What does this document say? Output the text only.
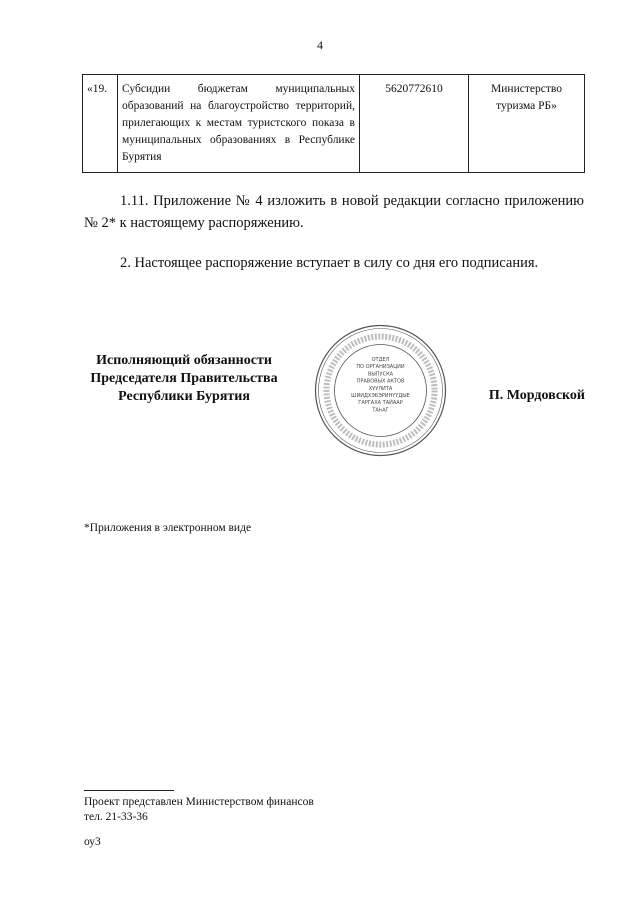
4
«19.	Субсидии бюджетам муниципальных образований на благоустройство территорий, прилегающих к местам туристского показа в муниципальных образованиях в Республике Бурятия	5620772610	Министерство туризма РБ»
1.11. Приложение № 4 изложить в новой редакции согласно приложению № 2* к настоящему распоряжению.
2. Настоящее распоряжение вступает в силу со дня его подписания.
Исполняющий обязанности
Председателя Правительства
Республики Бурятия
ОТДЕЛ
ПО ОРГАНИЗАЦИИ
ВЫПУСКА
ПРАВОВЫХ АКТОВ
ХУУЛИТА
ШИИДХЭБЭРИНҮҮДЫЕ
ГАРГАХА ТАЙААР
ТАҺАГ
П. Мордовской
*Приложения в электронном виде
Проект представлен Министерством финансов
тел. 21-33-36
оу3
